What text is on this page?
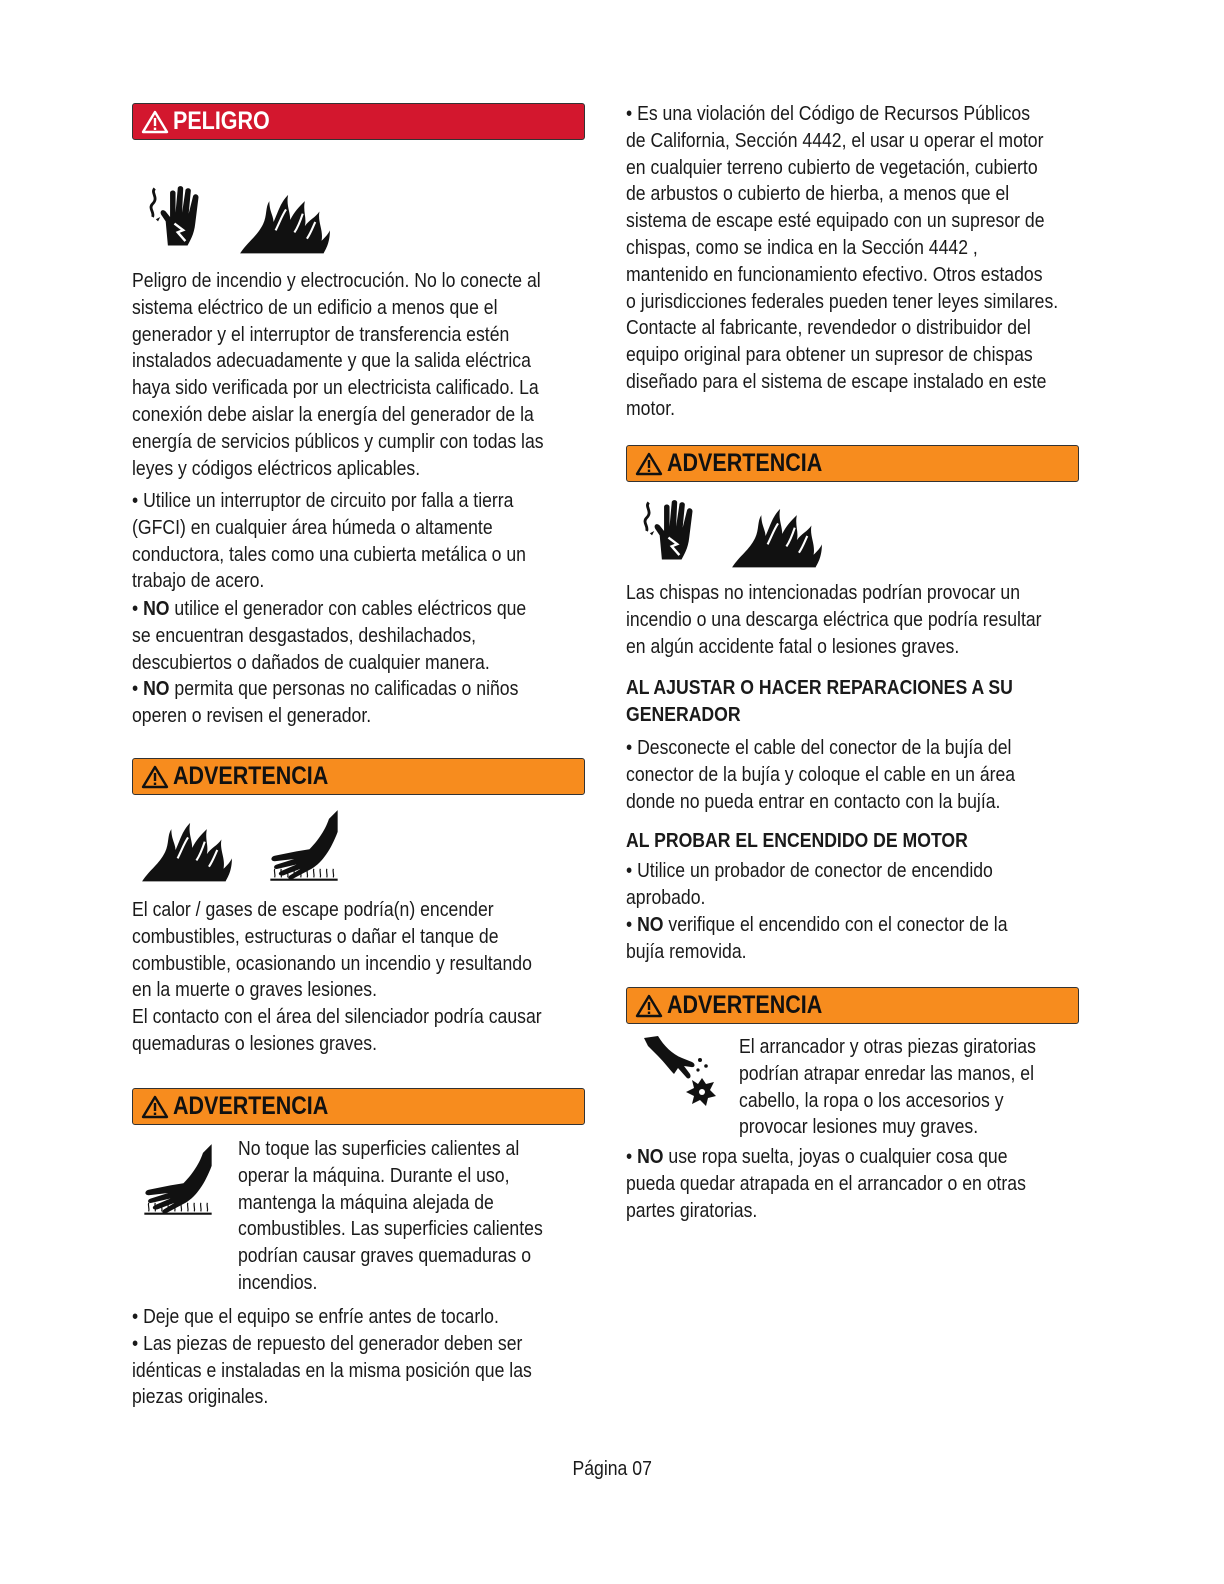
PELIGRO

Peligro de incendio y electrocución. No lo conecte al
sistema eléctrico de un edificio a menos que el
generador y el interruptor de transferencia estén
instalados adecuadamente y que la salida eléctrica
haya sido verificada por un electricista calificado. La
conexión debe aislar la energía del generador de la
energía de servicios públicos y cumplir con todas las
leyes y códigos eléctricos aplicables.

• Utilice un interruptor de circuito por falla a tierra
(GFCI) en cualquier área húmeda o altamente
conductora, tales como una cubierta metálica o un
trabajo de acero.

• NO utilice el generador con cables eléctricos que
se encuentran desgastados, deshilachados,
descubiertos o dañados de cualquier manera.

• NO permita que personas no calificadas o niños
operen o revisen el generador.

ADVERTENCIA

El calor / gases de escape podría(n) encender
combustibles, estructuras o dañar el tanque de
combustible, ocasionando un incendio y resultando
en la muerte o graves lesiones.
El contacto con el área del silenciador podría causar
quemaduras o lesiones graves.

ADVERTENCIA

No toque las superficies calientes al
operar la máquina. Durante el uso,
mantenga la máquina alejada de
combustibles. Las superficies calientes
podrían causar graves quemaduras o
incendios.

• Deje que el equipo se enfríe antes de tocarlo.
• Las piezas de repuesto del generador deben ser
idénticas e instaladas en la misma posición que las
piezas originales.

• Es una violación del Código de Recursos Públicos
de California, Sección 4442, el usar u operar el motor
en cualquier terreno cubierto de vegetación, cubierto
de arbustos o cubierto de hierba, a menos que el
sistema de escape esté equipado con un supresor de
chispas, como se indica en la Sección 4442 ,
mantenido en funcionamiento efectivo. Otros estados
o jurisdicciones federales pueden tener leyes similares.
Contacte al fabricante, revendedor o distribuidor del
equipo original para obtener un supresor de chispas
diseñado para el sistema de escape instalado en este
motor.

ADVERTENCIA

Las chispas no intencionadas podrían provocar un
incendio o una descarga eléctrica que podría resultar
en algún accidente fatal o lesiones graves.

AL AJUSTAR O HACER REPARACIONES A SU
GENERADOR

• Desconecte el cable del conector de la bujía del
conector de la bujía y coloque el cable en un área
donde no pueda entrar en contacto con la bujía.

AL PROBAR EL ENCENDIDO DE MOTOR

• Utilice un probador de conector de encendido
aprobado.

• NO verifique el encendido con el conector de la
bujía removida.

ADVERTENCIA

El arrancador y otras piezas giratorias
podrían atrapar enredar las manos, el
cabello, la ropa o los accesorios y
provocar lesiones muy graves.

• NO use ropa suelta, joyas o cualquier cosa que
pueda quedar atrapada en el arrancador o en otras
partes giratorias.

Página 07
